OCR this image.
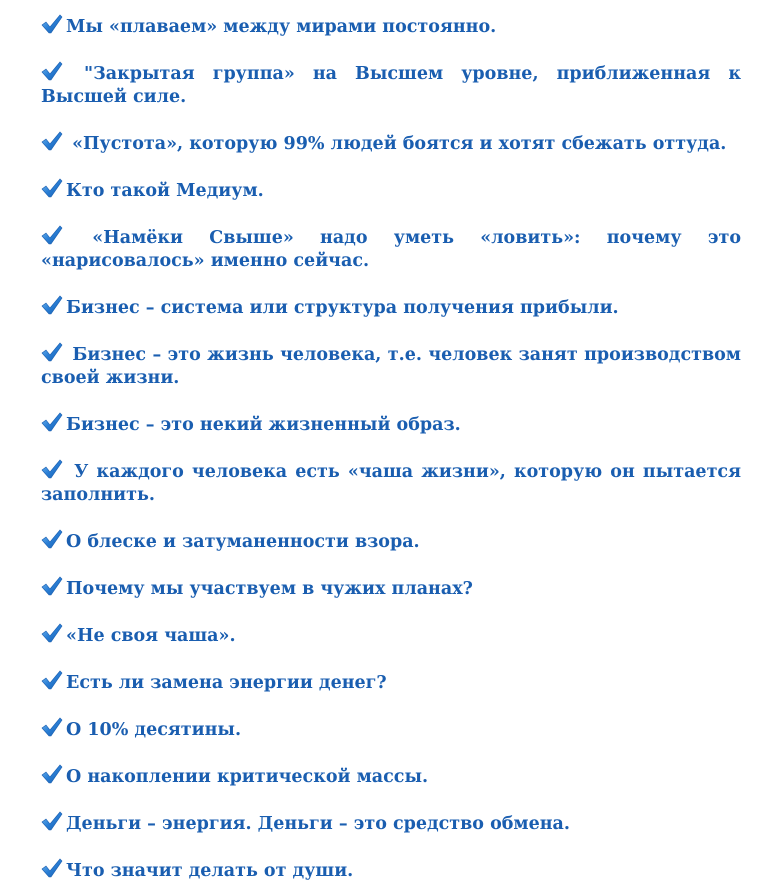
Мы «плаваем» между мирами постоянно.

"Закрытая группа» на Высшем уровне, приближенная к Высшей силе.

«Пустота», которую 99% людей боятся и хотят сбежать оттуда.

Кто такой Медиум.

«Намёки Свыше» надо уметь «ловить»: почему это «нарисовалось» именно сейчас.

Бизнес – система или структура получения прибыли.

Бизнес – это жизнь человека, т.е. человек занят производством своей жизни.

Бизнес – это некий жизненный образ.

У каждого человека есть «чаша жизни», которую он пытается заполнить.

О блеске и затуманенности взора.

Почему мы участвуем в чужих планах?

«Не своя чаша».

Есть ли замена энергии денег?

О 10% десятины.

О накоплении критической массы.

Деньги – энергия. Деньги – это средство обмена.

Что значит делать от души.
